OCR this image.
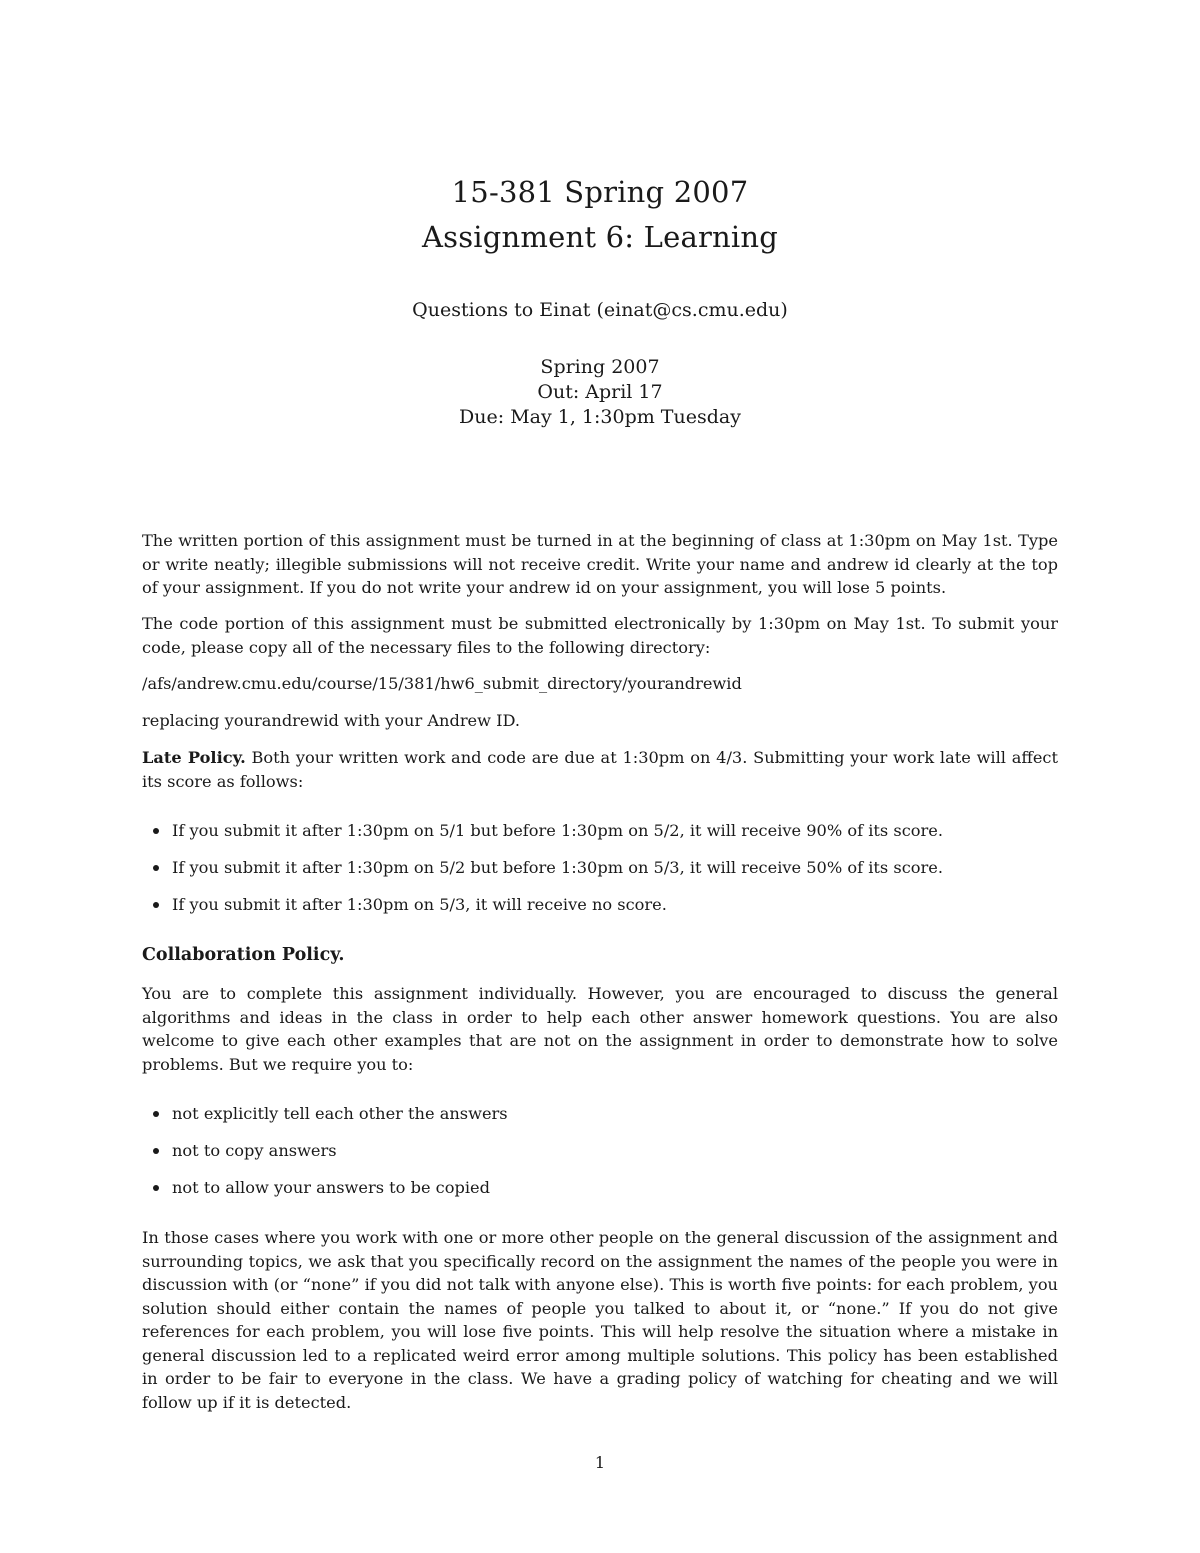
15-381 Spring 2007
Assignment 6: Learning
Questions to Einat (einat@cs.cmu.edu)
Spring 2007
Out: April 17
Due: May 1, 1:30pm Tuesday
The written portion of this assignment must be turned in at the beginning of class at 1:30pm on May 1st. Type or write neatly; illegible submissions will not receive credit. Write your name and andrew id clearly at the top of your assignment. If you do not write your andrew id on your assignment, you will lose 5 points.
The code portion of this assignment must be submitted electronically by 1:30pm on May 1st. To submit your code, please copy all of the necessary files to the following directory:
/afs/andrew.cmu.edu/course/15/381/hw6_submit_directory/yourandrewid
replacing yourandrewid with your Andrew ID.
Late Policy. Both your written work and code are due at 1:30pm on 4/3. Submitting your work late will affect its score as follows:
If you submit it after 1:30pm on 5/1 but before 1:30pm on 5/2, it will receive 90% of its score.
If you submit it after 1:30pm on 5/2 but before 1:30pm on 5/3, it will receive 50% of its score.
If you submit it after 1:30pm on 5/3, it will receive no score.
Collaboration Policy.
You are to complete this assignment individually. However, you are encouraged to discuss the general algorithms and ideas in the class in order to help each other answer homework questions. You are also welcome to give each other examples that are not on the assignment in order to demonstrate how to solve problems. But we require you to:
not explicitly tell each other the answers
not to copy answers
not to allow your answers to be copied
In those cases where you work with one or more other people on the general discussion of the assignment and surrounding topics, we ask that you specifically record on the assignment the names of the people you were in discussion with (or “none” if you did not talk with anyone else). This is worth five points: for each problem, you solution should either contain the names of people you talked to about it, or “none.” If you do not give references for each problem, you will lose five points. This will help resolve the situation where a mistake in general discussion led to a replicated weird error among multiple solutions. This policy has been established in order to be fair to everyone in the class. We have a grading policy of watching for cheating and we will follow up if it is detected.
1
